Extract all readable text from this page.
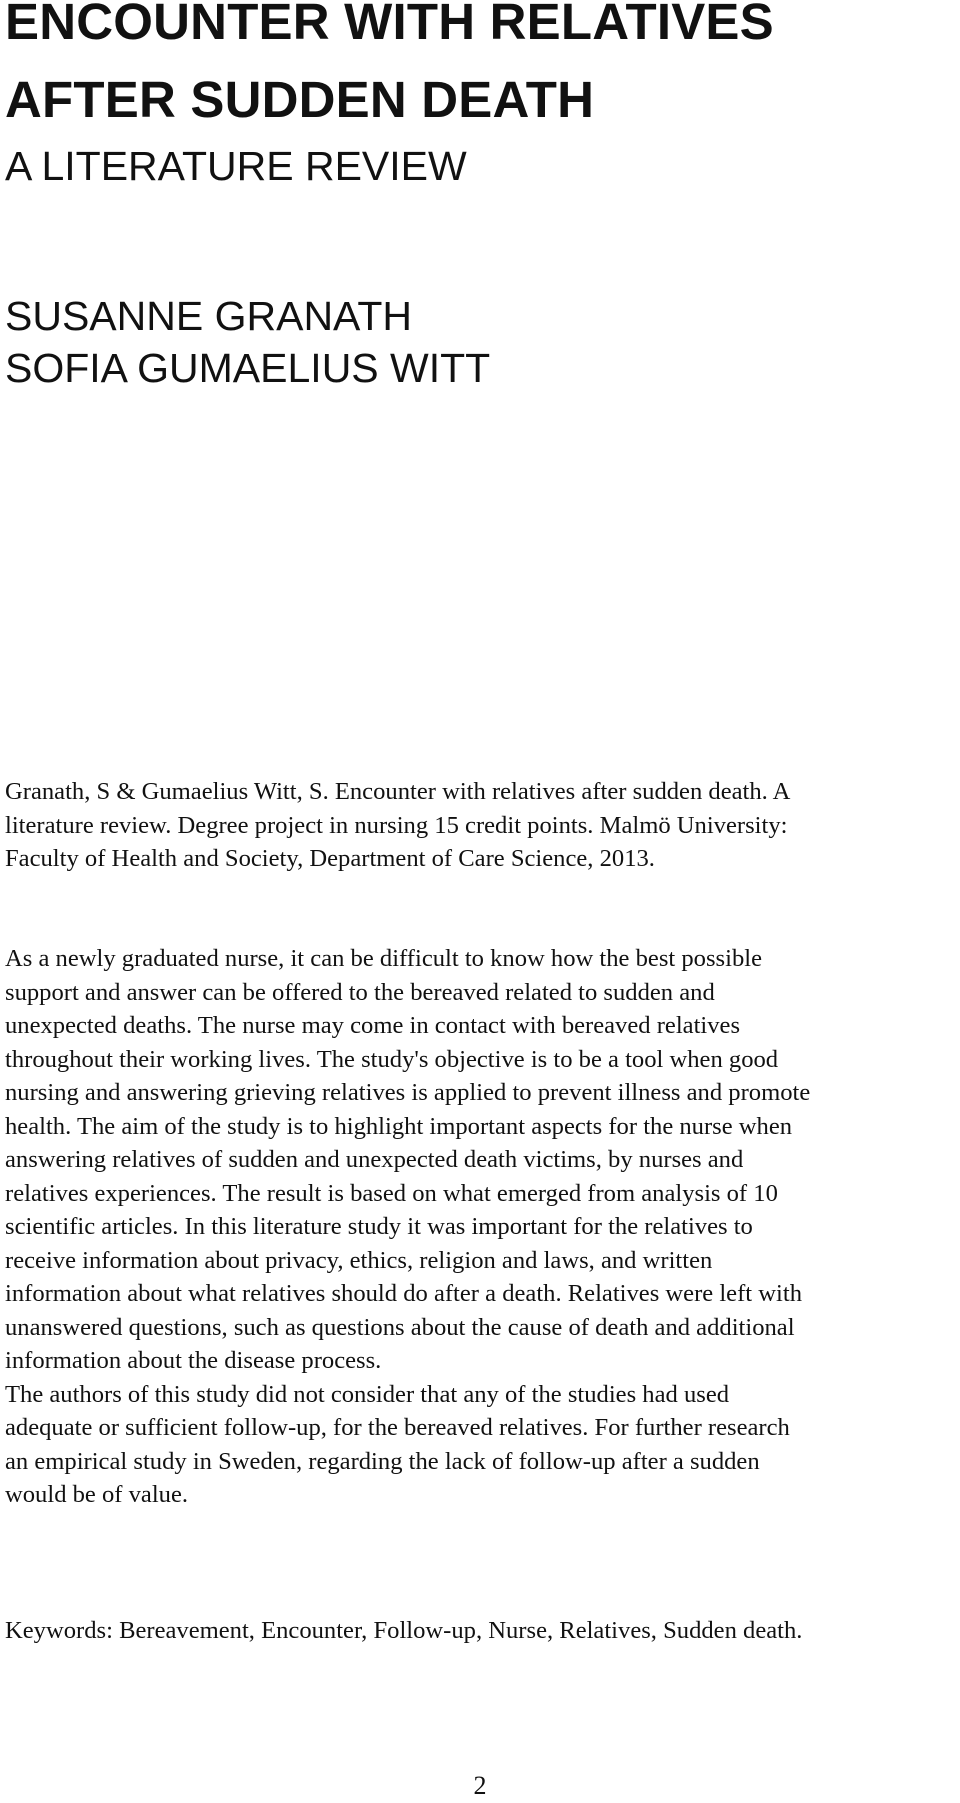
ENCOUNTER WITH RELATIVES
AFTER SUDDEN DEATH
A LITERATURE REVIEW
SUSANNE GRANATH
SOFIA GUMAELIUS WITT
Granath, S & Gumaelius Witt, S. Encounter with relatives after sudden death. A
literature review. Degree project in nursing 15 credit points. Malmö University:
Faculty of Health and Society, Department of Care Science, 2013.
As a newly graduated nurse, it can be difficult to know how the best possible
support and answer can be offered to the bereaved related to sudden and
unexpected deaths. The nurse may come in contact with bereaved relatives
throughout their working lives. The study's objective is to be a tool when good
nursing and answering grieving relatives is applied to prevent illness and promote
health. The aim of the study is to highlight important aspects for the nurse when
answering relatives of sudden and unexpected death victims, by nurses and
relatives experiences. The result is based on what emerged from analysis of 10
scientific articles. In this literature study it was important for the relatives to
receive information about privacy, ethics, religion and laws, and written
information about what relatives should do after a death. Relatives were left with
unanswered questions, such as questions about the cause of death and additional
information about the disease process.
The authors of this study did not consider that any of the studies had used
adequate or sufficient follow-up, for the bereaved relatives. For further research
an empirical study in Sweden, regarding the lack of follow-up after a sudden
would be of value.
Keywords: Bereavement, Encounter, Follow-up, Nurse, Relatives, Sudden death.
2
